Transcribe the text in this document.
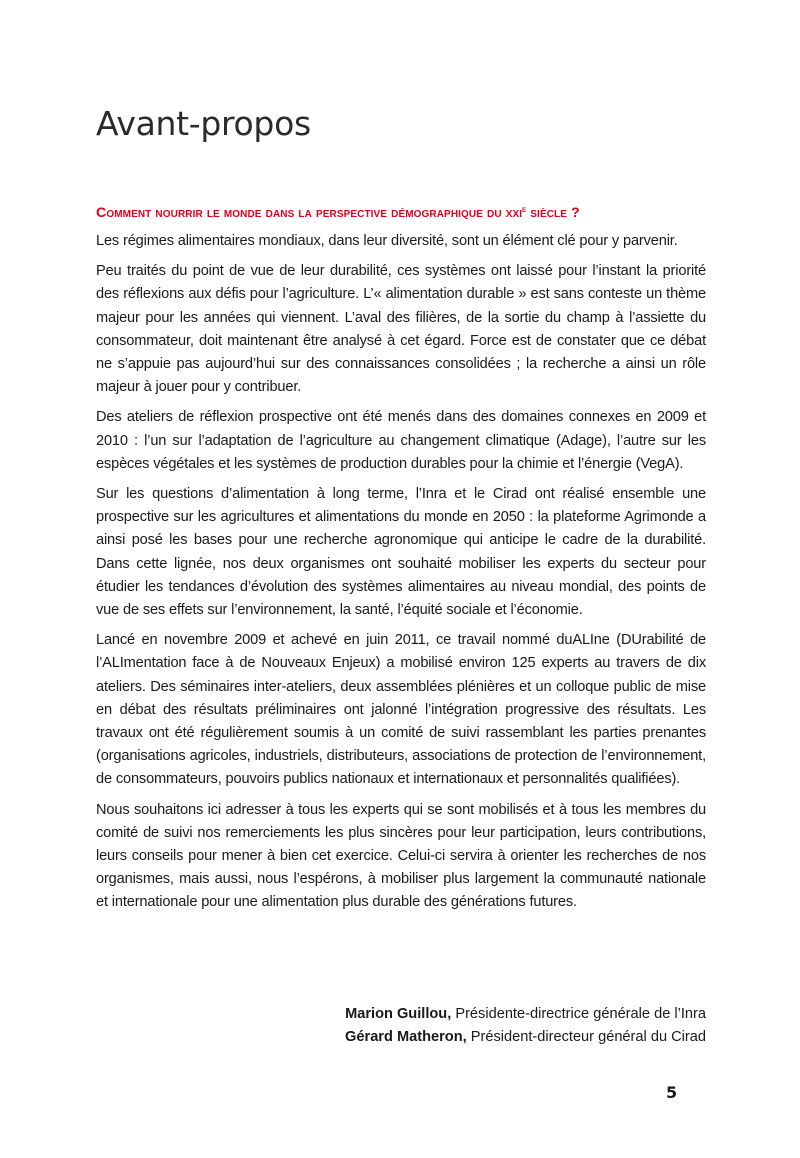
Avant-propos
Comment nourrir le monde dans la perspective démographique du xxi$^e$ siècle ?

Les régimes alimentaires mondiaux, dans leur diversité, sont un élément clé pour y parvenir.

Peu traités du point de vue de leur durabilité, ces systèmes ont laissé pour l’instant la priorité des réflexions aux défis pour l’agriculture. L’« alimentation durable » est sans conteste un thème majeur pour les années qui viennent. L’aval des filières, de la sortie du champ à l’assiette du consommateur, doit maintenant être analysé à cet égard. Force est de constater que ce débat ne s’appuie pas aujourd’hui sur des connaissances consolidées ; la recherche a ainsi un rôle majeur à jouer pour y contribuer.

Des ateliers de réflexion prospective ont été menés dans des domaines connexes en 2009 et 2010 : l’un sur l’adaptation de l’agriculture au changement climatique (Adage), l’autre sur les espèces végétales et les systèmes de production durables pour la chimie et l’énergie (VegA).

Sur les questions d’alimentation à long terme, l’Inra et le Cirad ont réalisé ensemble une prospective sur les agricultures et alimentations du monde en 2050 : la plateforme Agrimonde a ainsi posé les bases pour une recherche agronomique qui anticipe le cadre de la durabilité. Dans cette lignée, nos deux organismes ont souhaité mobiliser les experts du secteur pour étudier les tendances d’évolution des systèmes alimentaires au niveau mondial, des points de vue de ses effets sur l’environnement, la santé, l’équité sociale et l’économie.

Lancé en novembre 2009 et achevé en juin 2011, ce travail nommé duALIne (DUrabilité de l’ALImentation face à de Nouveaux Enjeux) a mobilisé environ 125 experts au travers de dix ateliers. Des séminaires inter-ateliers, deux assemblées plénières et un colloque public de mise en débat des résultats préliminaires ont jalonné l’intégration progressive des résultats. Les travaux ont été régulièrement soumis à un comité de suivi rassemblant les parties prenantes (organisations agricoles, industriels, distributeurs, associations de protection de l’environnement, de consommateurs, pouvoirs publics nationaux et internationaux et personnalités qualifiées).

Nous souhaitons ici adresser à tous les experts qui se sont mobilisés et à tous les membres du comité de suivi nos remerciements les plus sincères pour leur participation, leurs contributions, leurs conseils pour mener à bien cet exercice. Celui-ci servira à orienter les recherches de nos organismes, mais aussi, nous l’espérons, à mobiliser plus largement la communauté nationale et internationale pour une alimentation plus durable des générations futures.

Marion Guillou, Présidente-directrice générale de l’Inra
Gérard Matheron, Président-directeur général du Cirad
5
